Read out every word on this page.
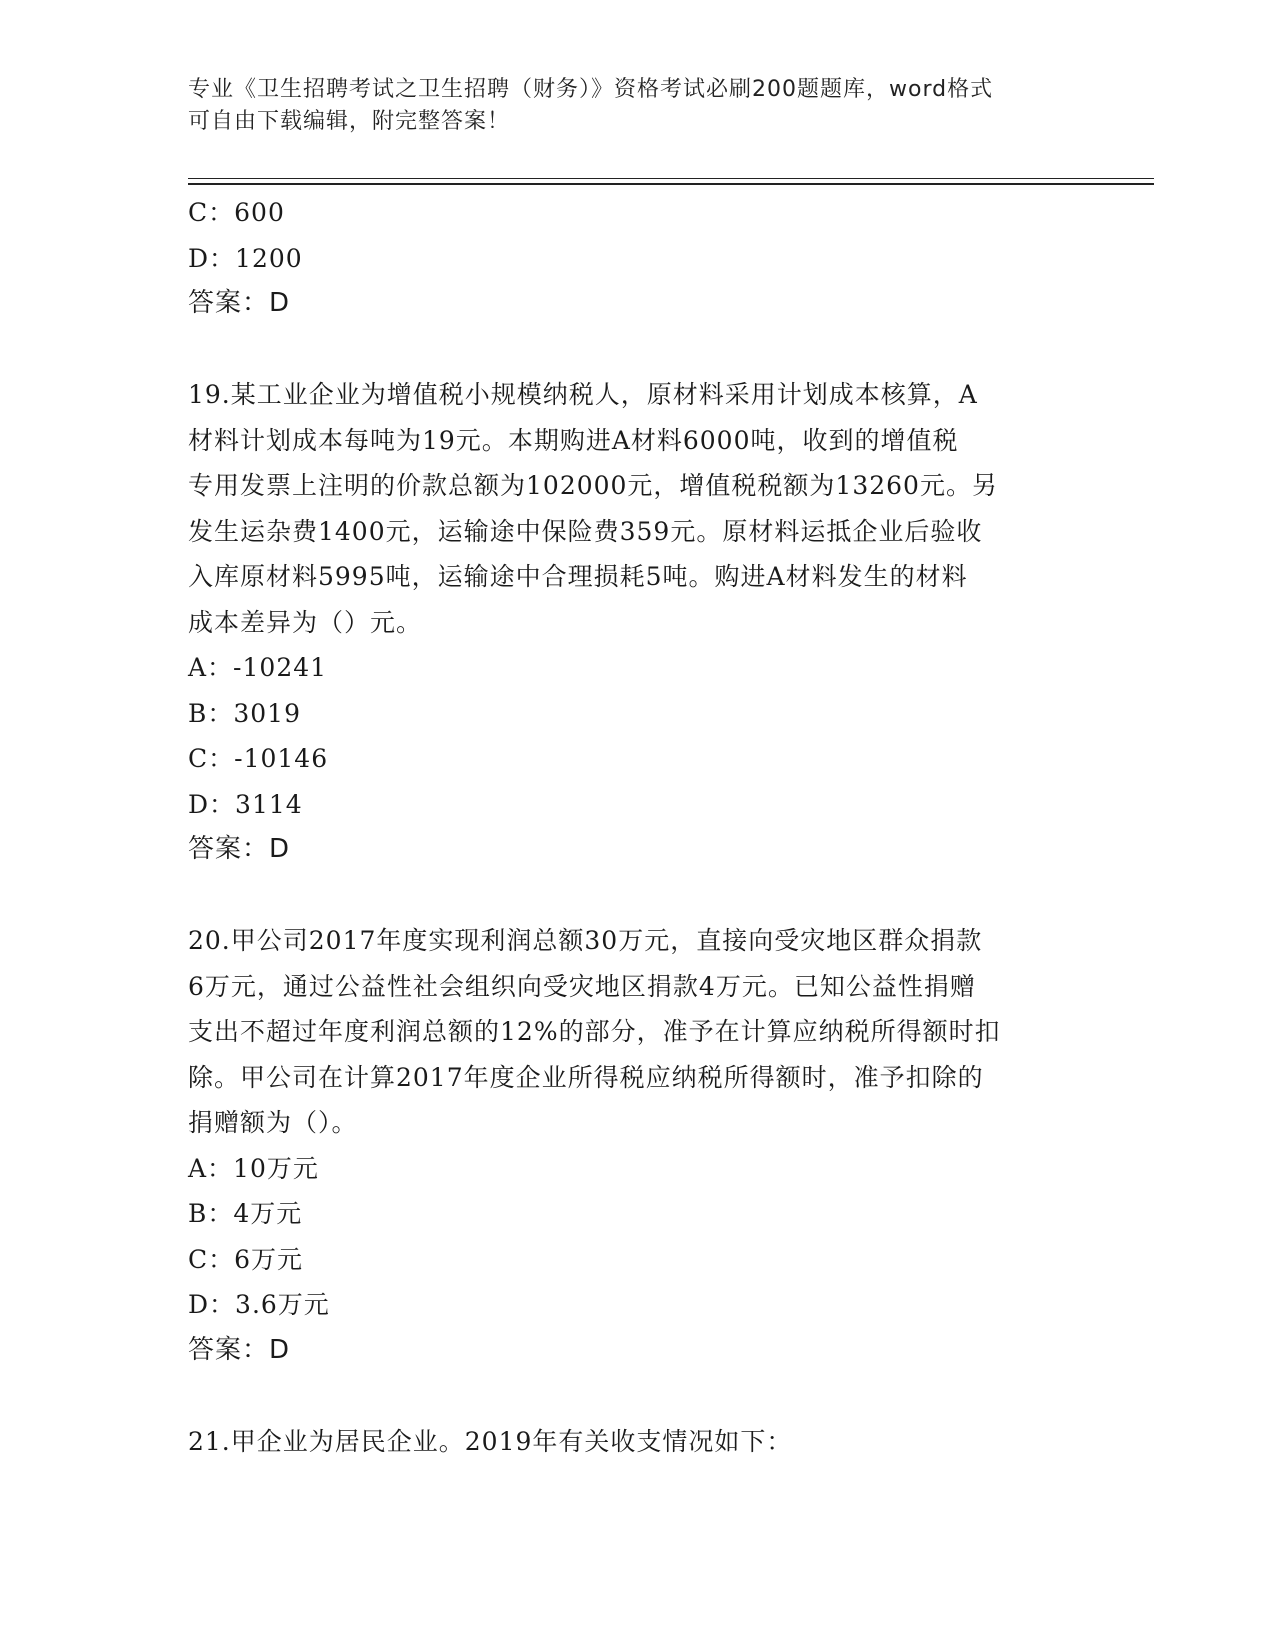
专业《卫生招聘考试之卫生招聘（财务）》资格考试必刷200题题库，word格式
可自由下载编辑，附完整答案！
C：600
D：1200
答案：D
19.某工业企业为增值税小规模纳税人，原材料采用计划成本核算，A
材料计划成本每吨为19元。本期购进A材料6000吨，收到的增值税
专用发票上注明的价款总额为102000元，增值税税额为13260元。另
发生运杂费1400元，运输途中保险费359元。原材料运抵企业后验收
入库原材料5995吨，运输途中合理损耗5吨。购进A材料发生的材料
成本差异为（）元。
A：-10241
B：3019
C：-10146
D：3114
答案：D
20.甲公司2017年度实现利润总额30万元，直接向受灾地区群众捐款
6万元，通过公益性社会组织向受灾地区捐款4万元。已知公益性捐赠
支出不超过年度利润总额的12%的部分，准予在计算应纳税所得额时扣
除。甲公司在计算2017年度企业所得税应纳税所得额时，准予扣除的
捐赠额为（）。
A：10万元
B：4万元
C：6万元
D：3.6万元
答案：D
21.甲企业为居民企业。2019年有关收支情况如下：
